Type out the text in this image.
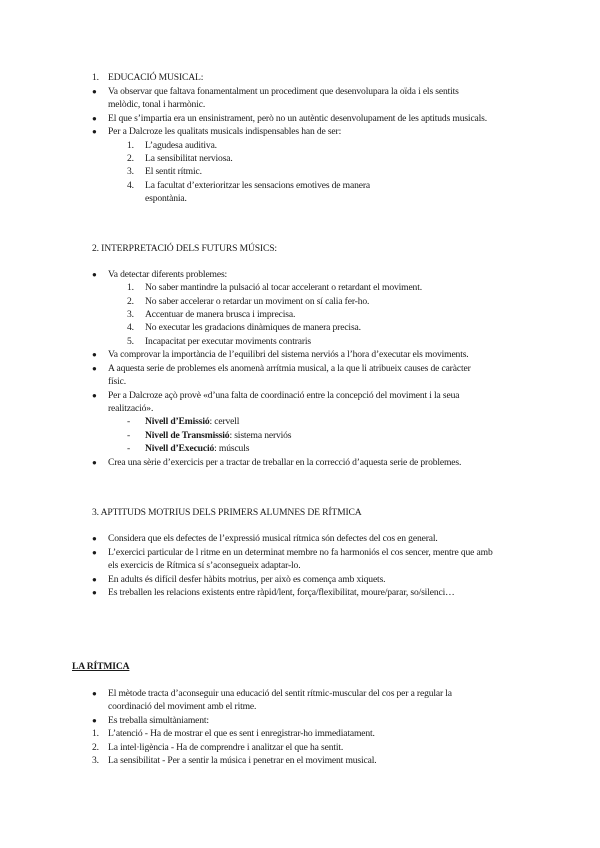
1. EDUCACIÓ MUSICAL:
● Va observar que faltava fonamentalment un procediment que desenvolupara la oïda i els sentits
melòdic, tonal i harmònic.
● El que s’impartia era un ensinistrament, però no un autèntic desenvolupament de les aptituds musicals.
● Per a Dalcroze les qualitats musicals indispensables han de ser:
1. L’agudesa auditiva.
2. La sensibilitat nerviosa.
3. El sentit rítmic.
4. La facultat d’exterioritzar les sensacions emotives de manera
espontània.
2. INTERPRETACIÓ DELS FUTURS MÚSICS:
● Va detectar diferents problemes:
1. No saber mantindre la pulsació al tocar accelerant o retardant el moviment.
2. No saber accelerar o retardar un moviment on sí calia fer-ho.
3. Accentuar de manera brusca i imprecisa.
4. No executar les gradacions dinàmiques de manera precisa.
5. Incapacitat per executar moviments contraris
● Va comprovar la importància de l’equilibri del sistema nerviós a l’hora d’executar els moviments.
● A aquesta serie de problemes els anomenà arrítmia musical, a la que li atribueix causes de caràcter
físic.
● Per a Dalcroze açò provè «d’una falta de coordinació entre la concepció del moviment i la seua
realització».
- Nivell d’Emissió: cervell
- Nivell de Transmissió: sistema nerviós
- Nivell d’Execució: músculs
● Crea una sèrie d’exercicis per a tractar de treballar en la correcció d’aquesta serie de problemes.
3. APTITUDS MOTRIUS DELS PRIMERS ALUMNES DE RÍTMICA
● Considera que els defectes de l’expressió musical rítmica són defectes del cos en general.
● L’exercici particular de l ritme en un determinat membre no fa harmoniós el cos sencer, mentre que amb
els exercicis de Rítmica sí s’aconsegueix adaptar-lo.
● En adults és difícil desfer hàbits motrius, per això es comença amb xiquets.
● Es treballen les relacions existents entre ràpid/lent, força/flexibilitat, moure/parar, so/silenci…
LA RÍTMICA
● El mètode tracta d’aconseguir una educació del sentit rítmic-muscular del cos per a regular la
coordinació del moviment amb el ritme.
● Es treballa simultàniament:
1. L’atenció - Ha de mostrar el que es sent i enregistrar-ho immediatament.
2. La intel·ligència - Ha de comprendre i analitzar el que ha sentit.
3. La sensibilitat - Per a sentir la música i penetrar en el moviment musical.
